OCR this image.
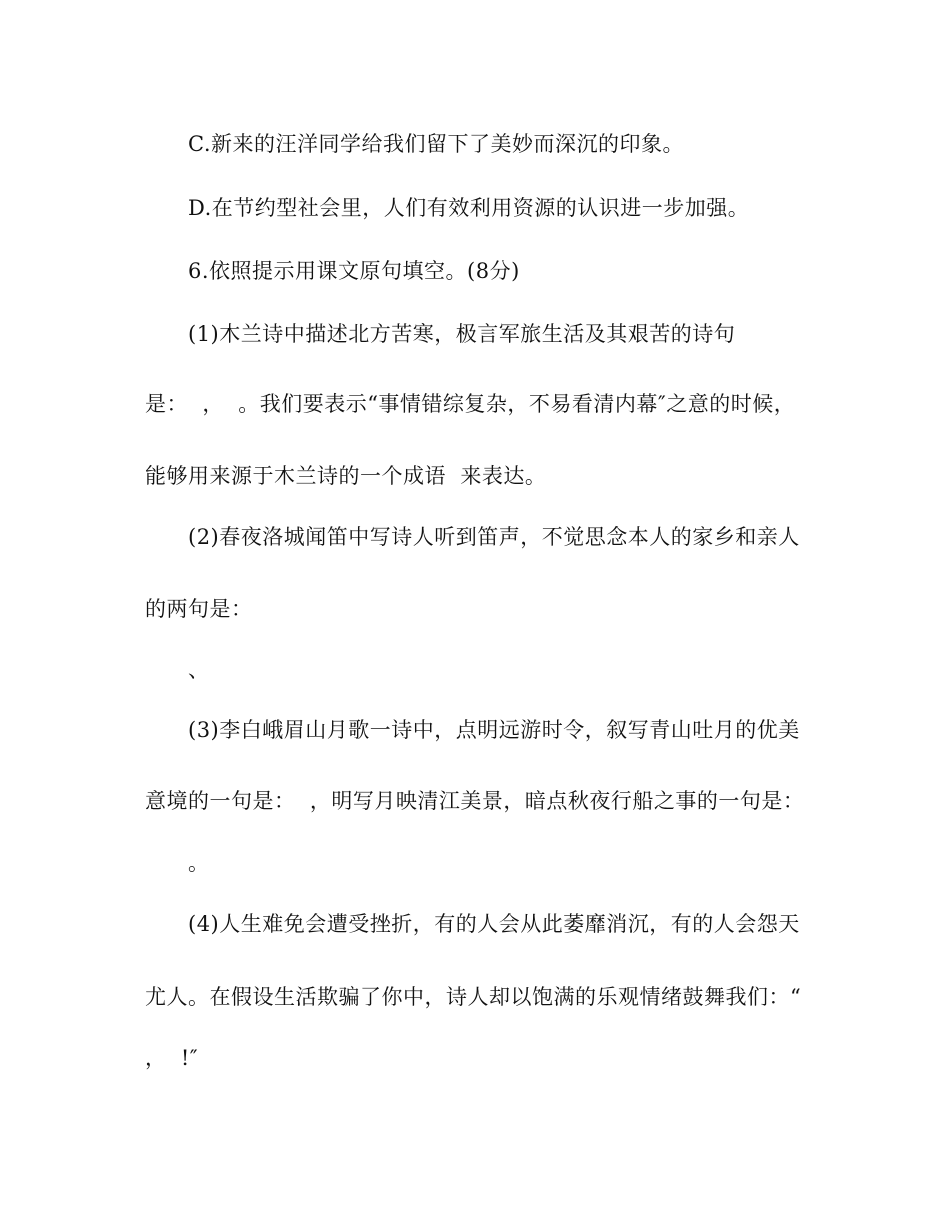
C.新来的汪洋同学给我们留下了美妙而深沉的印象。
D.在节约型社会里，人们有效利用资源的认识进一步加强。
6.依照提示用课文原句填空。(8分)
(1)木兰诗中描述北方苦寒，极言军旅生活及其艰苦的诗句
是：  ，  。我们要表示“事情错综复杂，不易看清内幕″之意的时候，
能够用来源于木兰诗的一个成语  来表达。
(2)春夜洛城闻笛中写诗人听到笛声，不觉思念本人的家乡和亲人
的两句是：
、
(3)李白峨眉山月歌一诗中，点明远游时令，叙写青山吐月的优美
意境的一句是：  ，明写月映清江美景，暗点秋夜行船之事的一句是：
。
(4)人生难免会遭受挫折，有的人会从此萎靡消沉，有的人会怨天
尤人。在假设生活欺骗了你中，诗人却以饱满的乐观情绪鼓舞我们：“
，  !″
